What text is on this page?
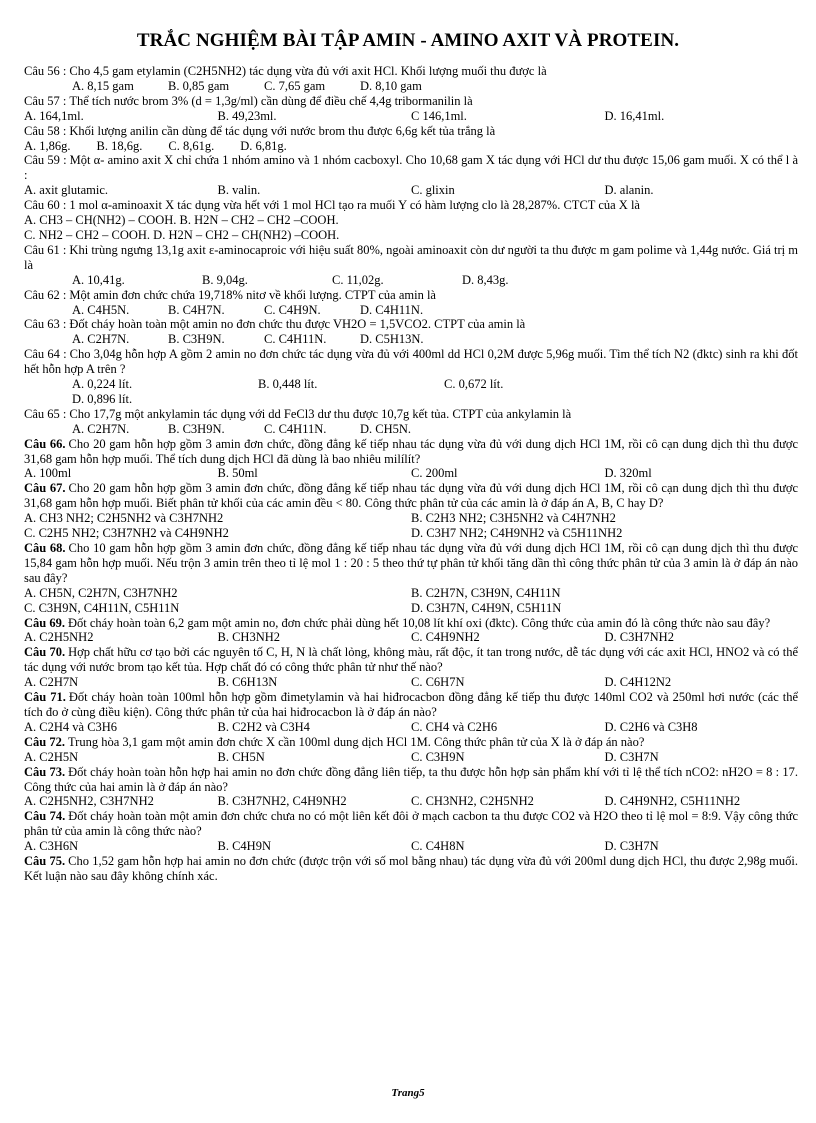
TRẮC NGHIỆM BÀI TẬP AMIN - AMINO AXIT VÀ PROTEIN.
Câu 56 : Cho 4,5 gam etylamin (C2H5NH2) tác dụng vừa đủ với axit HCl. Khối lượng muối thu được là
A. 8,15 gam	B. 0,85 gam	C. 7,65 gam	D. 8,10 gam
Câu 57 : Thể tích nước brom 3% (d = 1,3g/ml) cần dùng để điều chế 4,4g tribormanilin là
A. 164,1ml.	B. 49,23ml.	C 146,1ml.	D. 16,41ml.
Câu 58 : Khối lượng anilin cần dùng để tác dụng với nước brom thu được 6,6g kết tủa trắng là
A. 1,86g. B. 18,6g. C. 8,61g. D. 6,81g.
Câu 59 : Một α- amino axit X chỉ chứa 1 nhóm amino và 1 nhóm cacboxyl. Cho 10,68 gam X tác dụng với HCl dư thu được 15,06 gam muối. X có thể l à :
A. axit glutamic.	B. valin.	C. glixin	D. alanin.
Câu 60 : 1 mol α-aminoaxit X tác dụng vừa hết với 1 mol HCl tạo ra muối Y có hàm lượng clo là 28,287%. CTCT của X là
A. CH3 – CH(NH2) – COOH. B. H2N – CH2 – CH2 –COOH.
C. NH2 – CH2 – COOH. D. H2N – CH2 – CH(NH2) –COOH.
Câu 61 : Khi trùng ngưng 13,1g axit ε-aminocaproic với hiệu suất 80%, ngoài aminoaxit còn dư người ta thu được m gam polime và 1,44g nước. Giá trị m là
A. 10,41g.	B. 9,04g.	C. 11,02g.	D. 8,43g.
Câu 62 : Một amin đơn chức chứa 19,718% nitơ về khối lượng. CTPT của amin là
A. C4H5N.	B. C4H7N.	C. C4H9N.	D. C4H11N.
Câu 63 : Đốt cháy hoàn toàn một amin no đơn chức thu được VH2O = 1,5VCO2. CTPT của amin là
A. C2H7N.	B. C3H9N.	C. C4H11N.	D. C5H13N.
Câu 64 : Cho 3,04g hỗn hợp A gồm 2 amin no đơn chức tác dụng vừa đủ với 400ml dd HCl 0,2M được 5,96g muối. Tìm thể tích N2 (đktc) sinh ra khi đốt hết hỗn hợp A trên ?
A. 0,224 lít.	B. 0,448 lít.	C. 0,672 lít.
D. 0,896 lít.
Câu 65 : Cho 17,7g một ankylamin tác dụng với dd FeCl3 dư thu được 10,7g kết tủa. CTPT của ankylamin là
A. C2H7N.	B. C3H9N.	C. C4H11N.	D. CH5N.
Câu 66. Cho 20 gam hỗn hợp gồm 3 amin đơn chức, đồng đẳng kế tiếp nhau tác dụng vừa đủ với dung dịch HCl 1M, rồi cô cạn dung dịch thì thu được 31,68 gam hỗn hợp muối. Thể tích dung dịch HCl đã dùng là bao nhiêu milílít?
A. 100ml	B. 50ml	C. 200ml	D. 320ml
Câu 67. Cho 20 gam hỗn hợp gồm 3 amin đơn chức, đồng đẳng kế tiếp nhau tác dụng vừa đủ với dung dịch HCl 1M, rồi cô cạn dung dịch thì thu được 31,68 gam hỗn hợp muối. Biết phân tử khối của các amin đều < 80. Công thức phân tử của các amin là ở đáp án A, B, C hay D?
A. CH3 NH2; C2H5NH2 và C3H7NH2	B. C2H3 NH2; C3H5NH2 và C4H7NH2
C. C2H5 NH2; C3H7NH2 và C4H9NH2	D. C3H7 NH2; C4H9NH2 và C5H11NH2
Câu 68. Cho 10 gam hỗn hợp gồm 3 amin đơn chức, đồng đẳng kế tiếp nhau tác dụng vừa đủ với dung dịch HCl 1M, rồi cô cạn dung dịch thì thu được 15,84 gam hỗn hợp muối. Nếu trộn 3 amin trên theo tỉ lệ mol 1 : 20 : 5 theo thứ tự phân tử khối tăng dần thì công thức phân tử của 3 amin là ở đáp án nào sau đây?
A. CH5N, C2H7N, C3H7NH2	B. C2H7N, C3H9N, C4H11N
C. C3H9N, C4H11N, C5H11N	D. C3H7N, C4H9N, C5H11N
Câu 69. Đốt cháy hoàn toàn 6,2 gam một amin no, đơn chức phải dùng hết 10,08 lít khí oxi (đktc). Công thức của amin đó là công thức nào sau đây?
A. C2H5NH2	B. CH3NH2	C. C4H9NH2	D. C3H7NH2
Câu 70. Hợp chất hữu cơ tạo bởi các nguyên tố C, H, N là chất lỏng, không màu, rất độc, ít tan trong nước, dễ tác dụng với các axit HCl, HNO2 và có thể tác dụng với nước brom tạo kết tủa. Hợp chất đó có công thức phân tử như thế nào?
A. C2H7N	B. C6H13N	C. C6H7N	D. C4H12N2
Câu 71. Đốt cháy hoàn toàn 100ml hỗn hợp gồm đimetylamin và hai hiđrocacbon đồng đẳng kế tiếp thu được 140ml CO2 và 250ml hơi nước (các thể tích đo ở cùng điều kiện). Công thức phân tử của hai hiđrocacbon là ở đáp án nào?
A. C2H4 và C3H6	B. C2H2 và C3H4	C. CH4 và C2H6	D. C2H6 và C3H8
Câu 72. Trung hòa 3,1 gam một amin đơn chức X cần 100ml dung dịch HCl 1M. Công thức phân tử của X là ở đáp án nào?
A. C2H5N	B. CH5N	C. C3H9N	D. C3H7N
Câu 73. Đốt cháy hoàn toàn hỗn hợp hai amin no đơn chức đồng đẳng liên tiếp, ta thu được hỗn hợp sản phẩm khí với tỉ lệ thể tích nCO2: nH2O = 8 : 17. Công thức của hai amin là ở đáp án nào?
A. C2H5NH2, C3H7NH2	B. C3H7NH2, C4H9NH2	C. CH3NH2, C2H5NH2	D. C4H9NH2, C5H11NH2
Câu 74. Đốt cháy hoàn toàn một amin đơn chức chưa no có một liên kết đôi ở mạch cacbon ta thu được CO2 và H2O theo tỉ lệ mol = 8:9. Vậy công thức phân tử của amin là công thức nào?
A. C3H6N	B. C4H9N	C. C4H8N	D. C3H7N
Câu 75. Cho 1,52 gam hỗn hợp hai amin no đơn chức (được trộn với số mol bằng nhau) tác dụng vừa đủ với 200ml dung dịch HCl, thu được 2,98g muối. Kết luận nào sau đây không chính xác.
Trang5
